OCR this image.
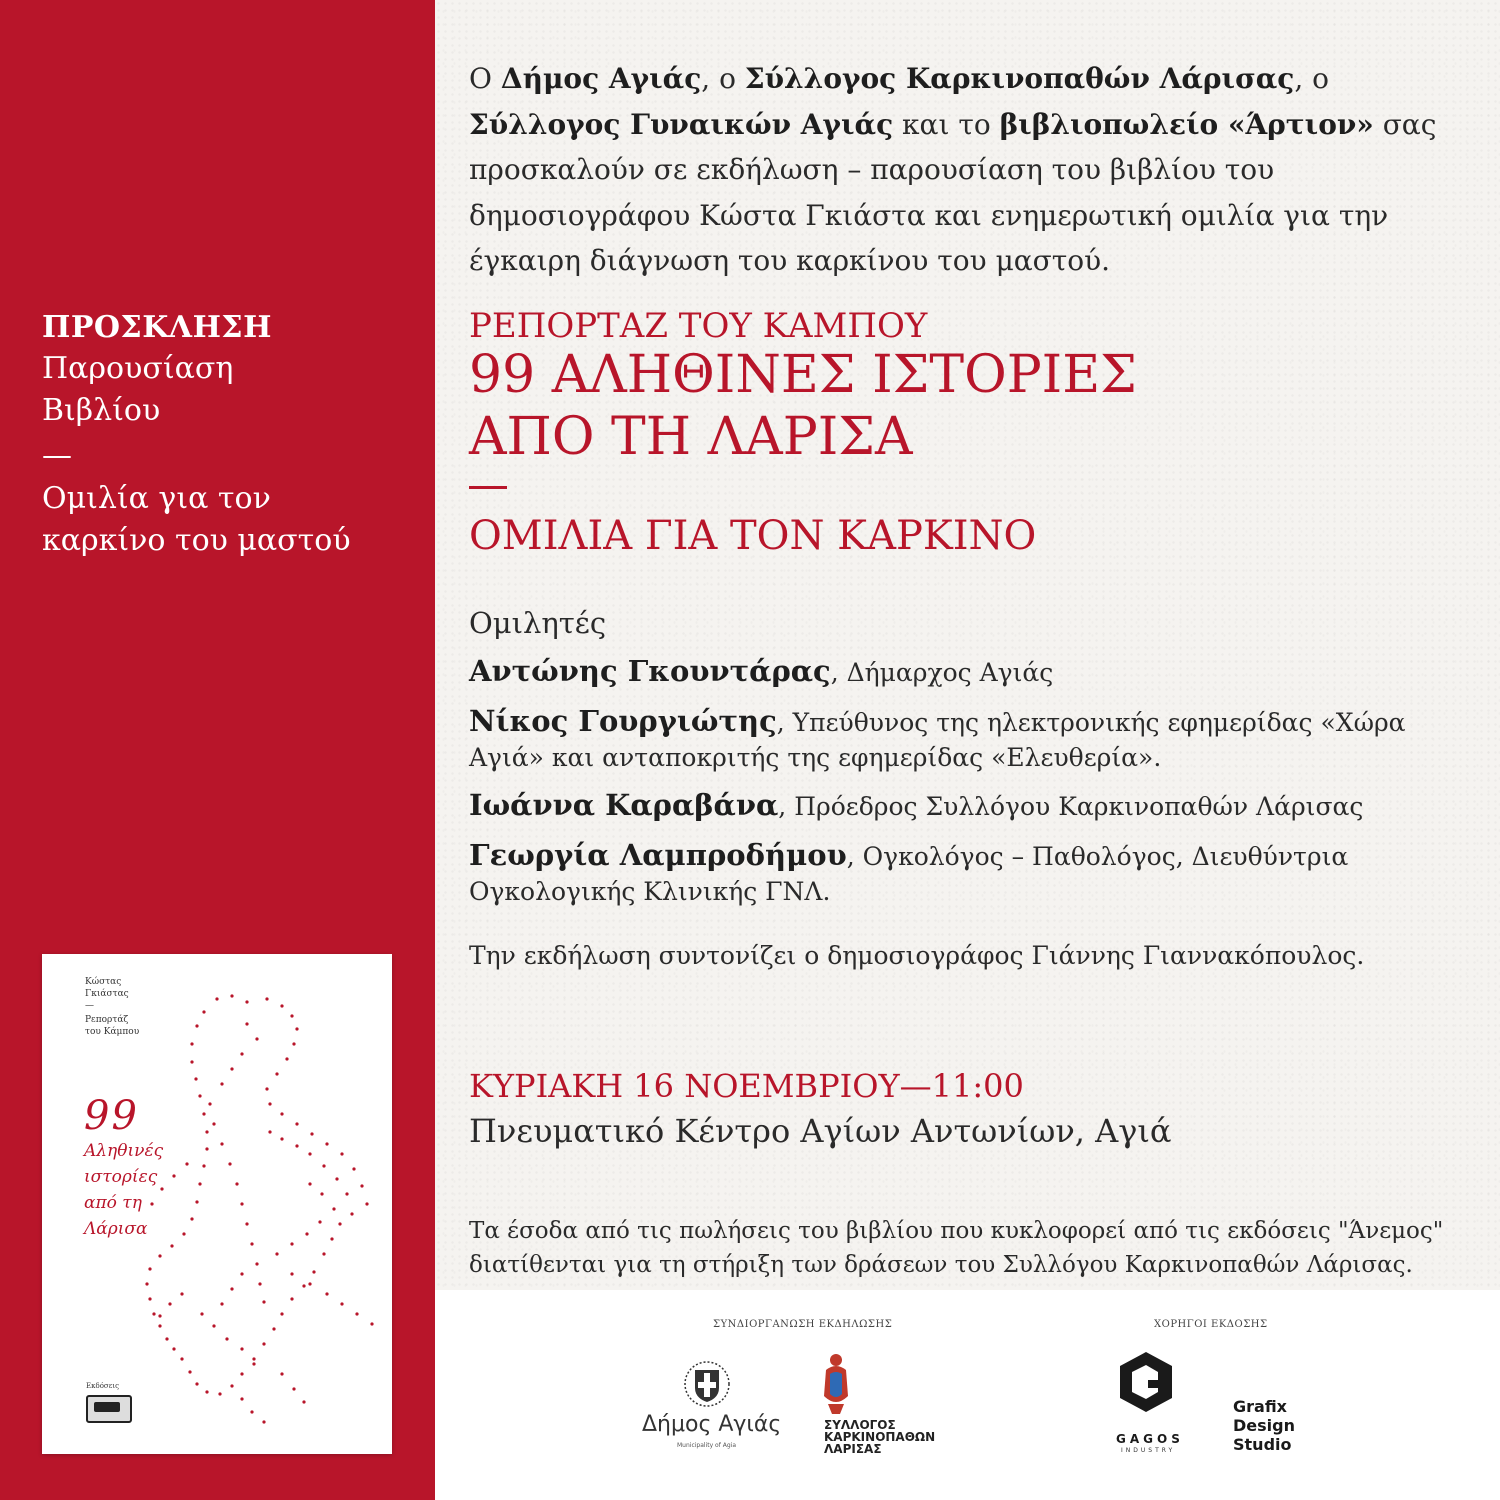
ΠΡΟΣΚΛΗΣΗ
Παρουσίαση
Βιβλίου
—
Ομιλία για τον
καρκίνο του μαστού
Κώστας
Γκιάστας
—
Ρεπορτάζ
του Κάμπου
99
Αληθινές
ιστορίες
από τη
Λάρισα
Εκδόσεις
Ο Δήμος Αγιάς, ο Σύλλογος Καρκινοπαθών Λάρισας, ο Σύλλογος Γυναικών Αγιάς και το βιβλιοπωλείο «Άρτιον» σας προσκαλούν σε εκδήλωση – παρουσίαση του βιβλίου του δημοσιογράφου Κώστα Γκιάστα και ενημερωτική ομιλία για την έγκαιρη διάγνωση του καρκίνου του μαστού.
ΡΕΠΟΡΤΑΖ ΤΟΥ ΚΑΜΠΟΥ
99 ΑΛΗΘΙΝΕΣ ΙΣΤΟΡΙΕΣ
ΑΠΟ ΤΗ ΛΑΡΙΣΑ
ΟΜΙΛΙΑ ΓΙΑ ΤΟΝ ΚΑΡΚΙΝΟ
Ομιλητές
Αντώνης Γκουντάρας, Δήμαρχος Αγιάς
Νίκος Γουργιώτης, Υπεύθυνος της ηλεκτρονικής εφημερίδας «Χώρα Αγιά» και ανταποκριτής της εφημερίδας «Ελευθερία».
Ιωάννα Καραβάνα, Πρόεδρος Συλλόγου Καρκινοπαθών Λάρισας
Γεωργία Λαμπροδήμου, Ογκολόγος – Παθολόγος, Διευθύντρια Ογκολογικής Κλινικής ΓΝΛ.
Την εκδήλωση συντονίζει ο δημοσιογράφος Γιάννης Γιαννακόπουλος.
ΚΥΡΙΑΚΗ 16 ΝΟΕΜΒΡΙΟΥ—11:00
Πνευματικό Κέντρο Αγίων Αντωνίων, Αγιά
Τα έσοδα από τις πωλήσεις του βιβλίου που κυκλοφορεί από τις εκδόσεις "Άνεμος" διατίθενται για τη στήριξη των δράσεων του Συλλόγου Καρκινοπαθών Λάρισας.
ΣΥΝΔΙΟΡΓΑΝΩΣΗ ΕΚΔΗΛΩΣΗΣ	ΧΟΡΗΓΟΙ ΕΚΔΟΣΗΣ
Δήμος Αγιάς
Municipality of Agia
ΣΥΛΛΟΓΟΣ
ΚΑΡΚΙΝΟΠΑΘΩΝ
ΛΑΡΙΣΑΣ
GAGOS
INDUSTRY
Grafix
Design
Studio
